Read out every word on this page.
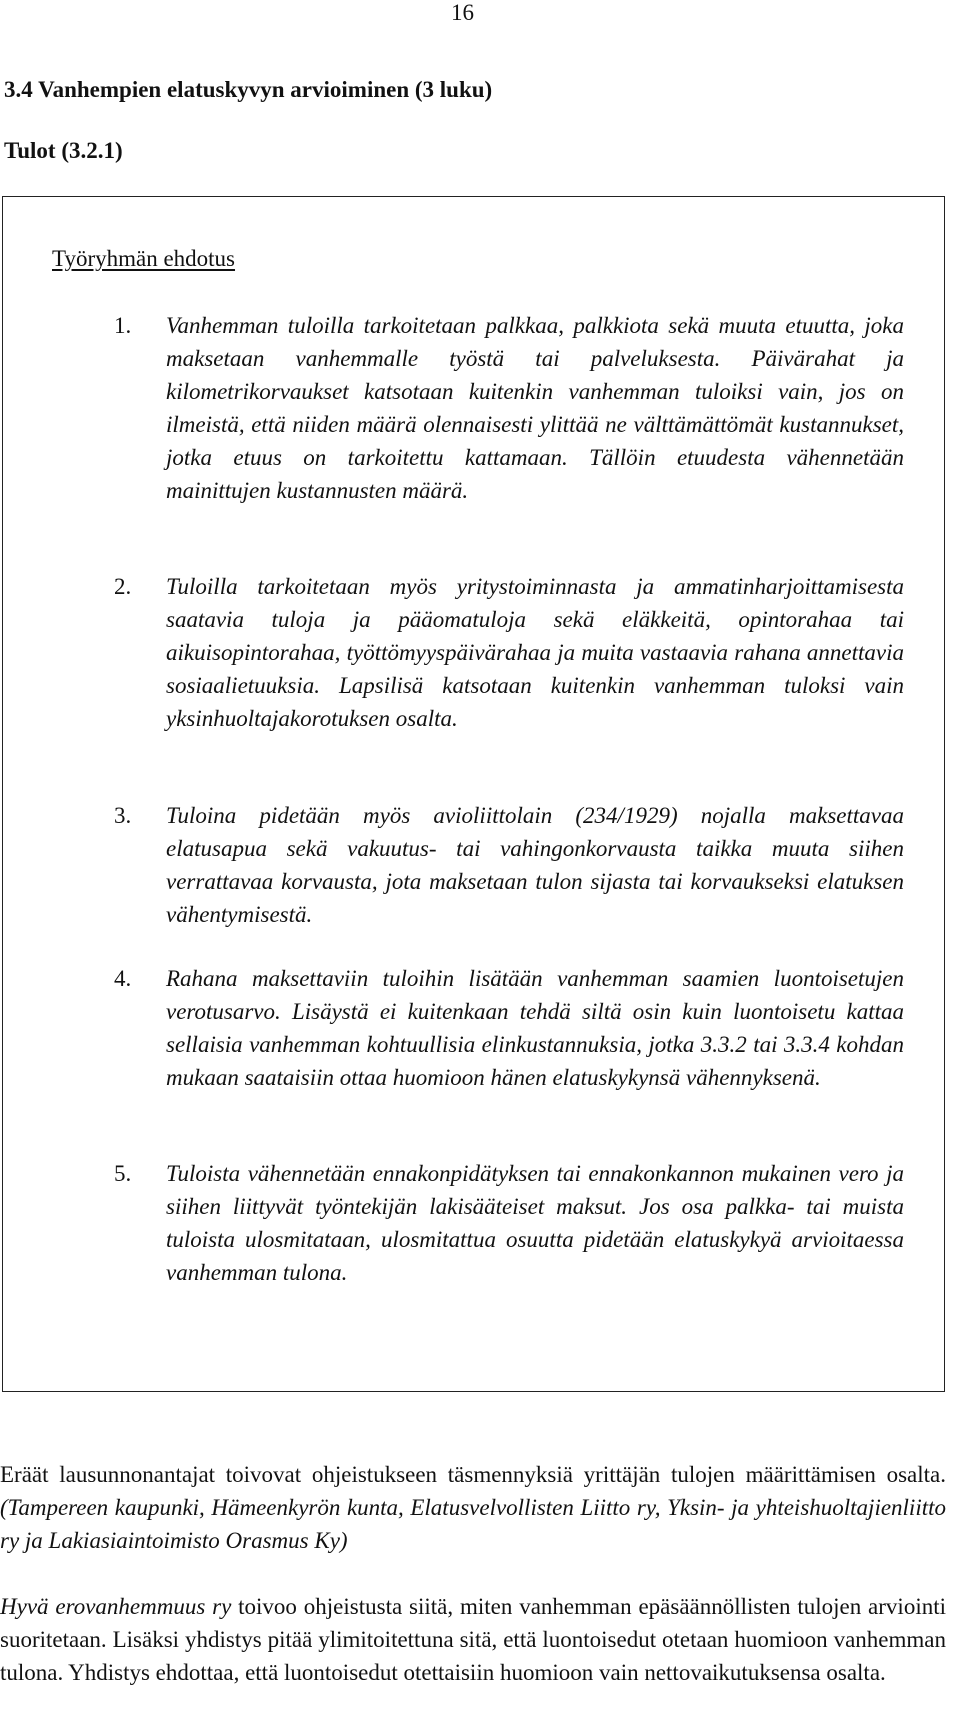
16
3.4 Vanhempien elatuskyvyn arvioiminen (3 luku)
Tulot (3.2.1)
Työryhmän ehdotus
1. Vanhemman tuloilla tarkoitetaan palkkaa, palkkiota sekä muuta etuutta, joka maksetaan vanhemmalle työstä tai palveluksesta. Päivärahat ja kilometrikorvaukset katsotaan kuitenkin vanhemman tuloiksi vain, jos on ilmeistä, että niiden määrä olennaisesti ylittää ne välttämättömät kustannukset, jotka etuus on tarkoitettu kattamaan. Tällöin etuudesta vähennetään mainittujen kustannusten määrä.
2. Tuloilla tarkoitetaan myös yritystoiminnasta ja ammatinharjoittamisesta saatavia tuloja ja pääomatuloja sekä eläkkeitä, opintorahaa tai aikuisopintorahaa, työttömyyspäivärahaa ja muita vastaavia rahana annettavia sosiaalietuuksia. Lapsilisä katsotaan kuitenkin vanhemman tuloksi vain yksinhuoltajakorotuksen osalta.
3. Tuloina pidetään myös avioliittolain (234/1929) nojalla maksettavaa elatusapua sekä vakuutus- tai vahingonkorvausta taikka muuta siihen verrattavaa korvausta, jota maksetaan tulon sijasta tai korvaukseksi elatuksen vähentymisestä.
4. Rahana maksettaviin tuloihin lisätään vanhemman saamien luontoisetujen verotusarvo. Lisäystä ei kuitenkaan tehdä siltä osin kuin luontoisetu kattaa sellaisia vanhemman kohtuullisia elinkustannuksia, jotka 3.3.2 tai 3.3.4 kohdan mukaan saataisiin ottaa huomioon hänen elatuskykynsä vähennyksenä.
5. Tuloista vähennetään ennakonpidätyksen tai ennakonkannon mukainen vero ja siihen liittyvät työntekijän lakisääteiset maksut. Jos osa palkka- tai muista tuloista ulosmitataan, ulosmitattua osuutta pidetään elatuskykyä arvioitaessa vanhemman tulona.

Eräät lausunnonantajat toivovat ohjeistukseen täsmennyksiä yrittäjän tulojen määrittämisen osalta. (Tampereen kaupunki, Hämeenkyrön kunta, Elatusvelvollisten Liitto ry, Yksin- ja yhteishuoltajienliitto ry ja Lakiasiaintoimisto Orasmus Ky)

Hyvä erovanhemmuus ry toivoo ohjeistusta siitä, miten vanhemman epäsäännöllisten tulojen arviointi suoritetaan. Lisäksi yhdistys pitää ylimitoitettuna sitä, että luontoisedut otetaan huomioon vanhemman tulona. Yhdistys ehdottaa, että luontoisedut otettaisiin huomioon vain nettovaikutuksensa osalta.
